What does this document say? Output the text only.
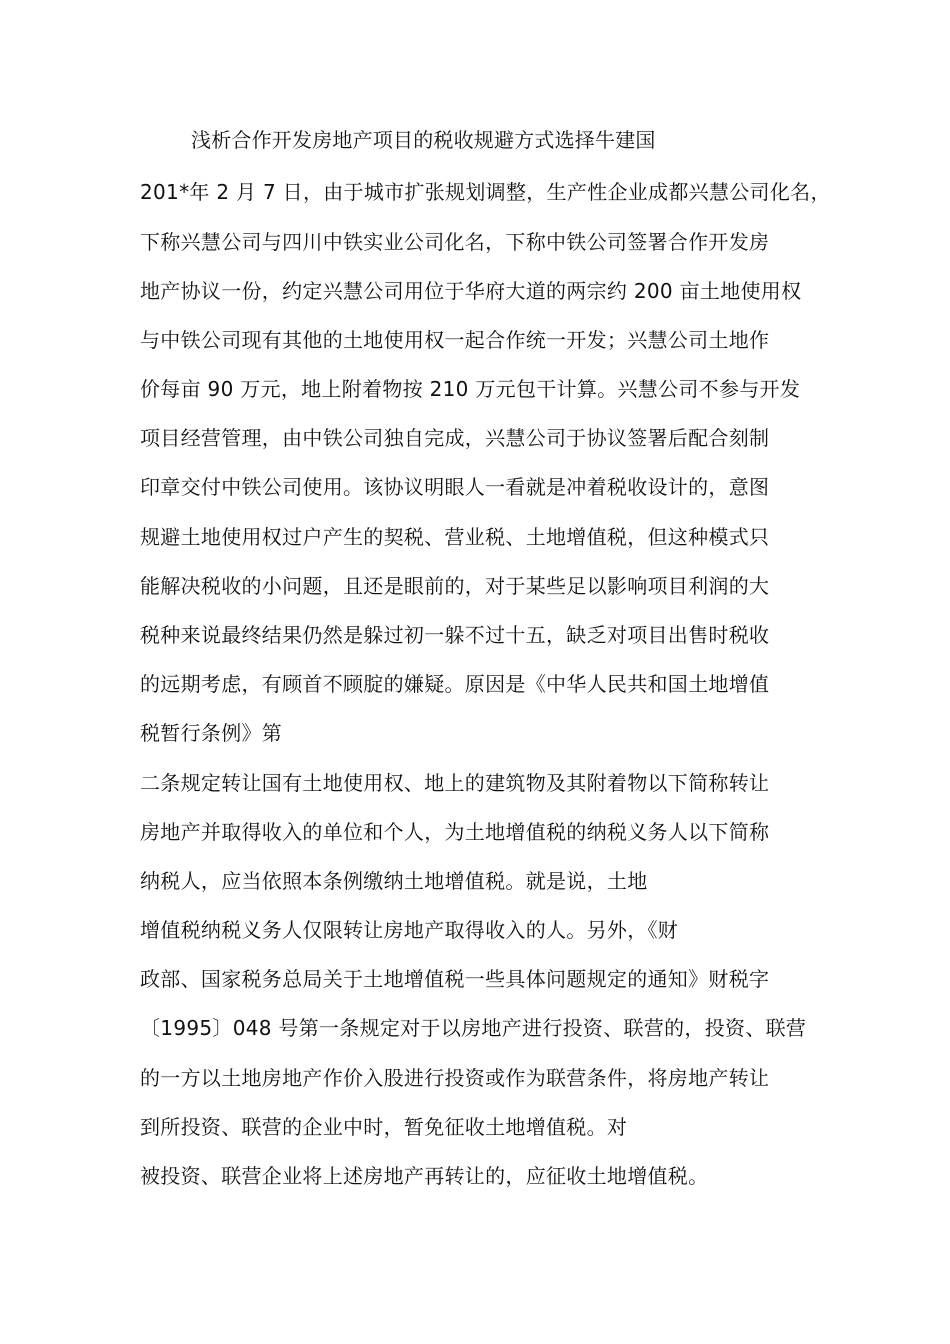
浅析合作开发房地产项目的税收规避方式选择牛建国
201*年 2 月 7 日，由于城市扩张规划调整，生产性企业成都兴慧公司化名，
下称兴慧公司与四川中铁实业公司化名，下称中铁公司签署合作开发房
地产协议一份，约定兴慧公司用位于华府大道的两宗约 200 亩土地使用权
与中铁公司现有其他的土地使用权一起合作统一开发；兴慧公司土地作
价每亩 90 万元，地上附着物按 210 万元包干计算。兴慧公司不参与开发
项目经营管理，由中铁公司独自完成，兴慧公司于协议签署后配合刻制
印章交付中铁公司使用。该协议明眼人一看就是冲着税收设计的，意图
规避土地使用权过户产生的契税、营业税、土地增值税，但这种模式只
能解决税收的小问题，且还是眼前的，对于某些足以影响项目利润的大
税种来说最终结果仍然是躲过初一躲不过十五，缺乏对项目出售时税收
的远期考虑，有顾首不顾腚的嫌疑。原因是《中华人民共和国土地增值
税暂行条例》第
二条规定转让国有土地使用权、地上的建筑物及其附着物以下简称转让
房地产并取得收入的单位和个人，为土地增值税的纳税义务人以下简称
纳税人，应当依照本条例缴纳土地增值税。就是说，土地
增值税纳税义务人仅限转让房地产取得收入的人。另外，《财
政部、国家税务总局关于土地增值税一些具体问题规定的通知》财税字
〔1995〕048 号第一条规定对于以房地产进行投资、联营的，投资、联营
的一方以土地房地产作价入股进行投资或作为联营条件，将房地产转让
到所投资、联营的企业中时，暂免征收土地增值税。对
被投资、联营企业将上述房地产再转让的，应征收土地增值税。
